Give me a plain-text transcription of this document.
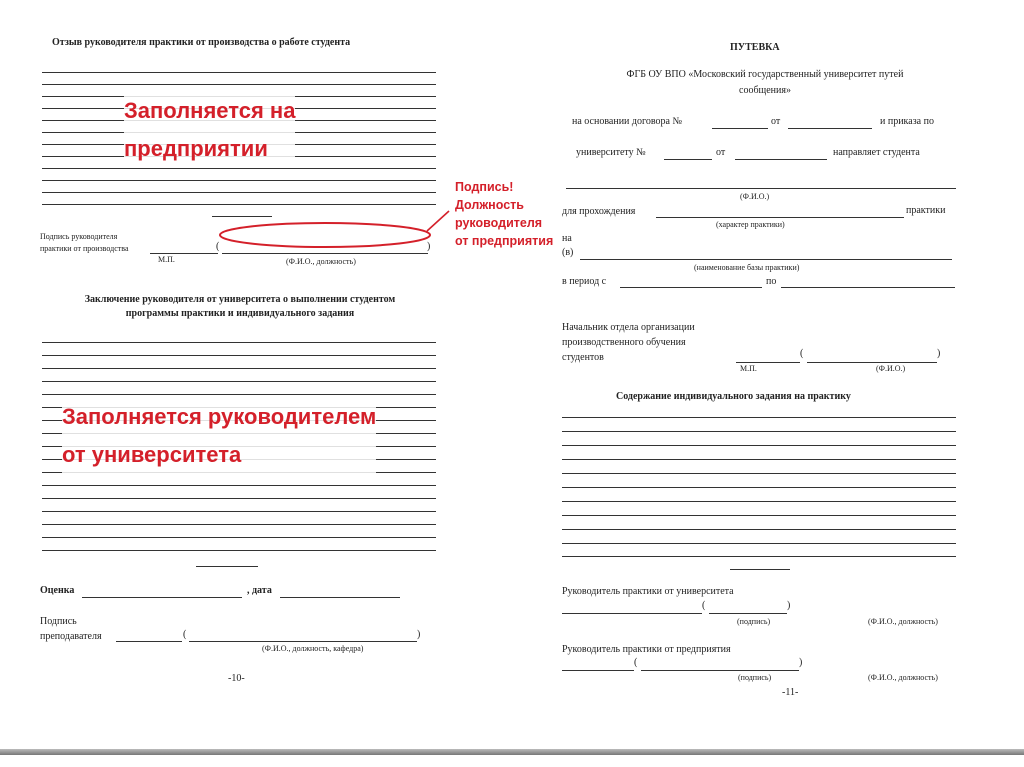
Отзыв руководителя практики от производства о работе студента
Заполняется на
предприятии
Подпись руководителя
практики от производства	(	)
М.П.	(Ф.И.О., должность)
Подпись!
Должность
руководителя
от предприятия
Заключение руководителя от университета о выполнении студентом
программы практики и индивидуального задания
Заполняется руководителем
от университета
Оценка	, дата
Подпись
преподавателя	(	)
(Ф.И.О., должность, кафедра)
-10-
ПУТЕВКА
ФГБ ОУ ВПО «Московский государственный университет путей
сообщения»
на основании договора №	от	и приказа по
университету №	от	направляет студента
(Ф.И.О.)
для прохождения	практики
(характер практики)
на
(в)
(наименование базы практики)
в период с	по
Начальник отдела организации
производственного обучения
студентов	(	)
М.П.	(Ф.И.О.)
Содержание индивидуального задания на практику
Руководитель практики от университета
(	)
(подпись)	(Ф.И.О., должность)
Руководитель практики от предприятия
(	)
(подпись)	(Ф.И.О., должность)
-11-
